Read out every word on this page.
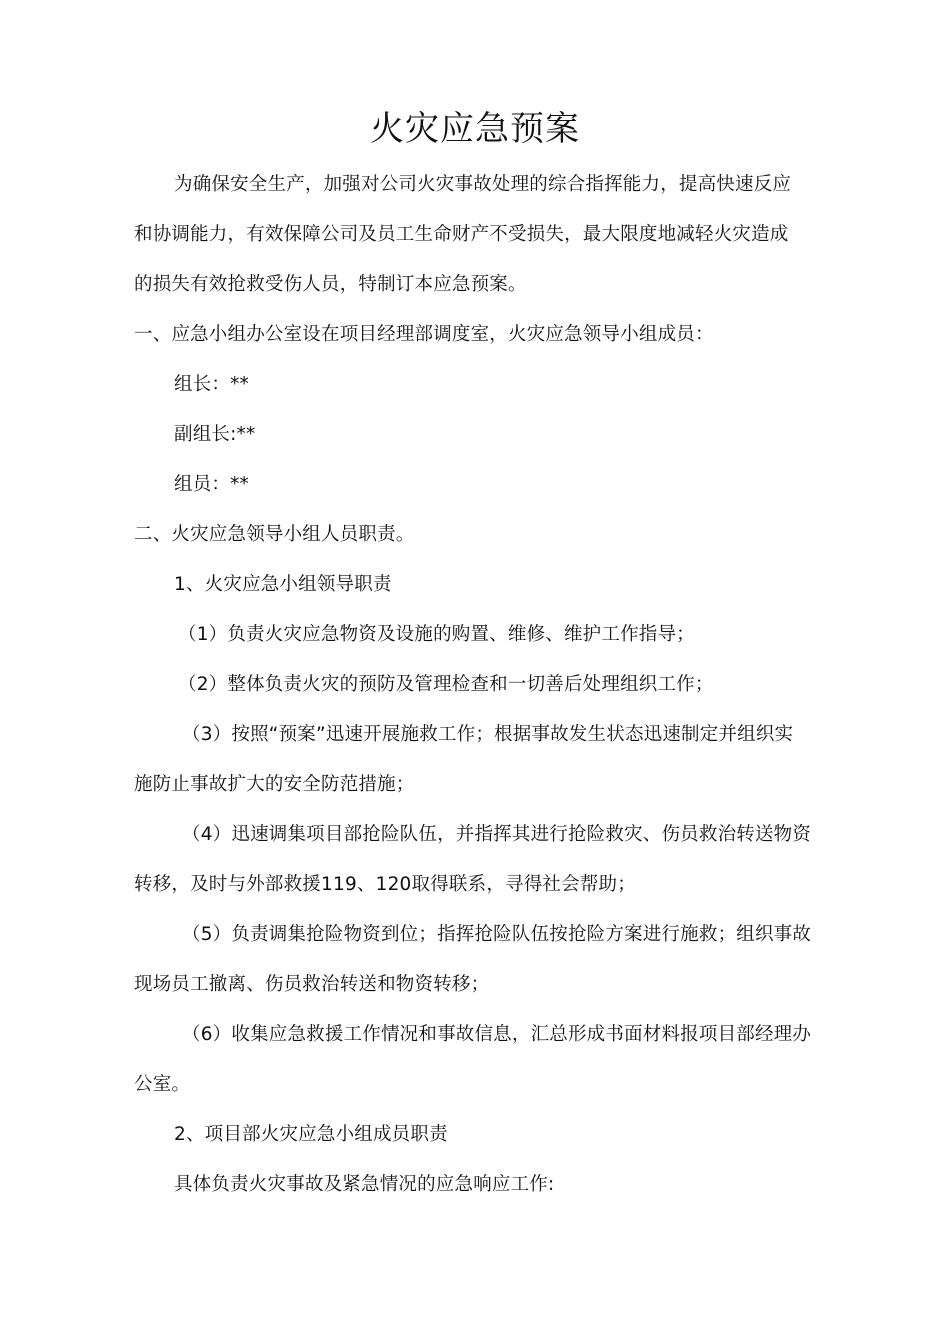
火灾应急预案
为确保安全生产，加强对公司火灾事故处理的综合指挥能力，提高快速反应
和协调能力，有效保障公司及员工生命财产不受损失，最大限度地减轻火灾造成
的损失有效抢救受伤人员，特制订本应急预案。
一、应急小组办公室设在项目经理部调度室，火灾应急领导小组成员：
组长：**
副组长:**
组员：**
二、火灾应急领导小组人员职责。
1、火灾应急小组领导职责
（1）负责火灾应急物资及设施的购置、维修、维护工作指导；
（2）整体负责火灾的预防及管理检查和一切善后处理组织工作；
（3）按照“预案”迅速开展施救工作；根据事故发生状态迅速制定并组织实
施防止事故扩大的安全防范措施；
（4）迅速调集项目部抢险队伍，并指挥其进行抢险救灾、伤员救治转送物资
转移，及时与外部救援119、120取得联系，寻得社会帮助；
（5）负责调集抢险物资到位；指挥抢险队伍按抢险方案进行施救；组织事故
现场员工撤离、伤员救治转送和物资转移；
（6）收集应急救援工作情况和事故信息，汇总形成书面材料报项目部经理办
公室。
2、项目部火灾应急小组成员职责
具体负责火灾事故及紧急情况的应急响应工作:
